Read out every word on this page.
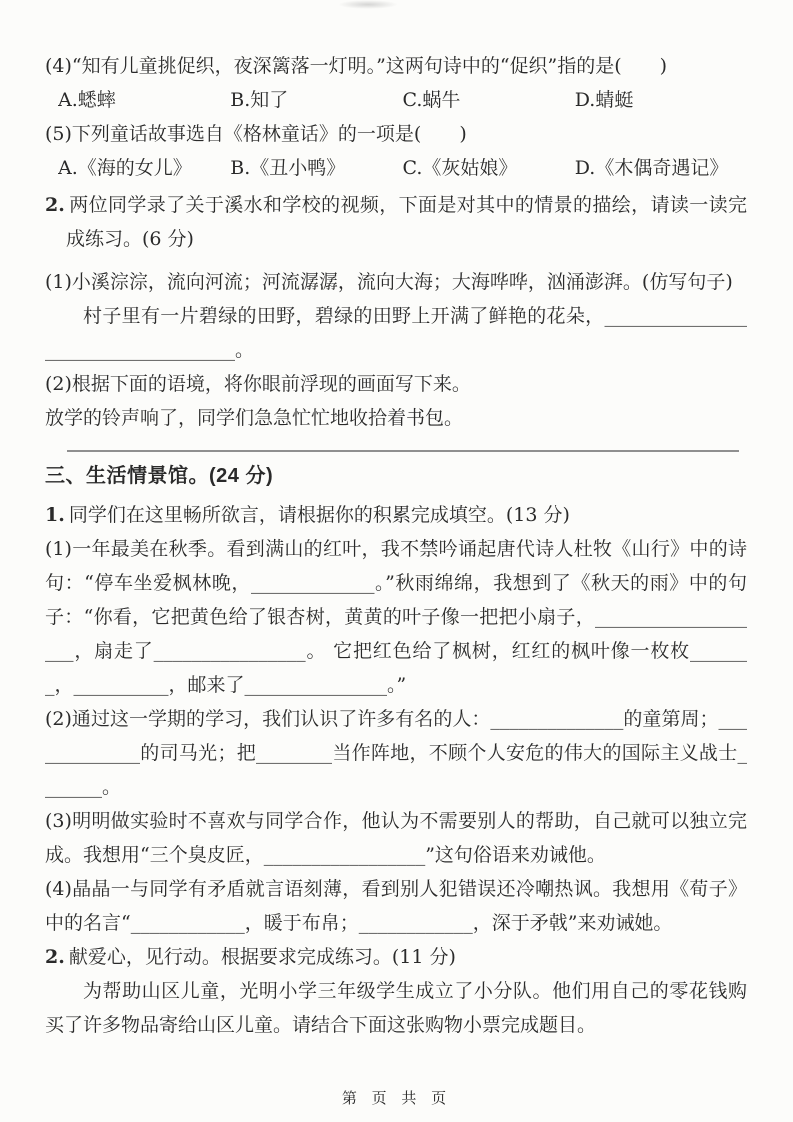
(4)“知有儿童挑促织，夜深篱落一灯明。”这两句诗中的“促织”指的是(　　)

A.蟋蟀	B.知了	C.蜗牛	D.蜻蜓

(5)下列童话故事选自《格林童话》的一项是(　　)

A.《海的女儿》	B.《丑小鸭》	C.《灰姑娘》	D.《木偶奇遇记》

2. 两位同学录了关于溪水和学校的视频，下面是对其中的情景的描绘，请读一读完成练习。(6 分)

(1)小溪淙淙，流向河流；河流潺潺，流向大海；大海哗哗，汹涌澎湃。(仿写句子)

村子里有一片碧绿的田野，碧绿的田野上开满了鲜艳的花朵，___________________________________。

(2)根据下面的语境，将你眼前浮现的画面写下来。

放学的铃声响了，同学们急急忙忙地收拾着书包。

三、生活情景馆。(24 分)

1. 同学们在这里畅所欲言，请根据你的积累完成填空。(13 分)

(1)一年最美在秋季。看到满山的红叶，我不禁吟诵起唐代诗人杜牧《山行》中的诗句：“停车坐爱枫林晚，_____________。”秋雨绵绵，我想到了《秋天的雨》中的句子：“你看，它把黄色给了银杏树，黄黄的叶子像一把把小扇子，___________________，扇走了________________。 它把红色给了枫树，红红的枫叶像一枚枚_______，__________，邮来了_______________。”

(2)通过这一学期的学习，我们认识了许多有名的人：______________的童第周；_____________的司马光；把________当作阵地，不顾个人安危的伟大的国际主义战士_______。

(3)明明做实验时不喜欢与同学合作，他认为不需要别人的帮助，自己就可以独立完成。我想用“三个臭皮匠，_________________”这句俗语来劝诫他。

(4)晶晶一与同学有矛盾就言语刻薄，看到别人犯错误还冷嘲热讽。我想用《荀子》中的名言“____________，暖于布帛；____________，深于矛戟”来劝诫她。

2. 献爱心，见行动。根据要求完成练习。(11 分)

为帮助山区儿童，光明小学三年级学生成立了小分队。他们用自己的零花钱购买了许多物品寄给山区儿童。请结合下面这张购物小票完成题目。

第 页 共 页
